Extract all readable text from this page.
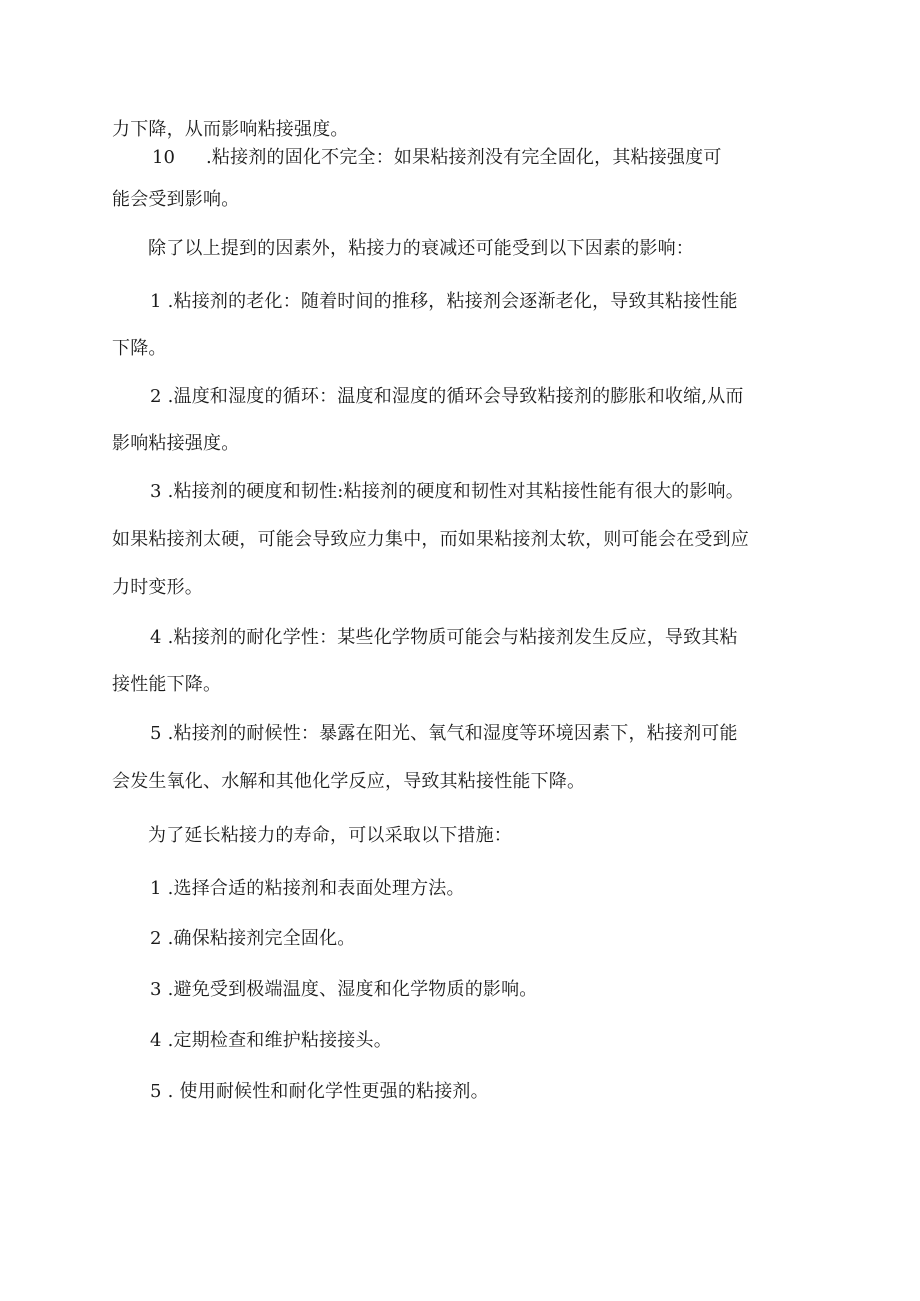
力下降，从而影响粘接强度。
10 .粘接剂的固化不完全：如果粘接剂没有完全固化，其粘接强度可
能会受到影响。
除了以上提到的因素外，粘接力的衰减还可能受到以下因素的影响：
1 .粘接剂的老化：随着时间的推移，粘接剂会逐渐老化，导致其粘接性能
下降。
2 .温度和湿度的循环：温度和湿度的循环会导致粘接剂的膨胀和收缩,从而
影响粘接强度。
3 .粘接剂的硬度和韧性:粘接剂的硬度和韧性对其粘接性能有很大的影响。
如果粘接剂太硬，可能会导致应力集中，而如果粘接剂太软，则可能会在受到应
力时变形。
4 .粘接剂的耐化学性：某些化学物质可能会与粘接剂发生反应，导致其粘
接性能下降。
5 .粘接剂的耐候性：暴露在阳光、氧气和湿度等环境因素下，粘接剂可能
会发生氧化、水解和其他化学反应，导致其粘接性能下降。
为了延长粘接力的寿命，可以采取以下措施：
1 .选择合适的粘接剂和表面处理方法。
2 .确保粘接剂完全固化。
3 .避免受到极端温度、湿度和化学物质的影响。
4 .定期检查和维护粘接接头。
5 . 使用耐候性和耐化学性更强的粘接剂。
